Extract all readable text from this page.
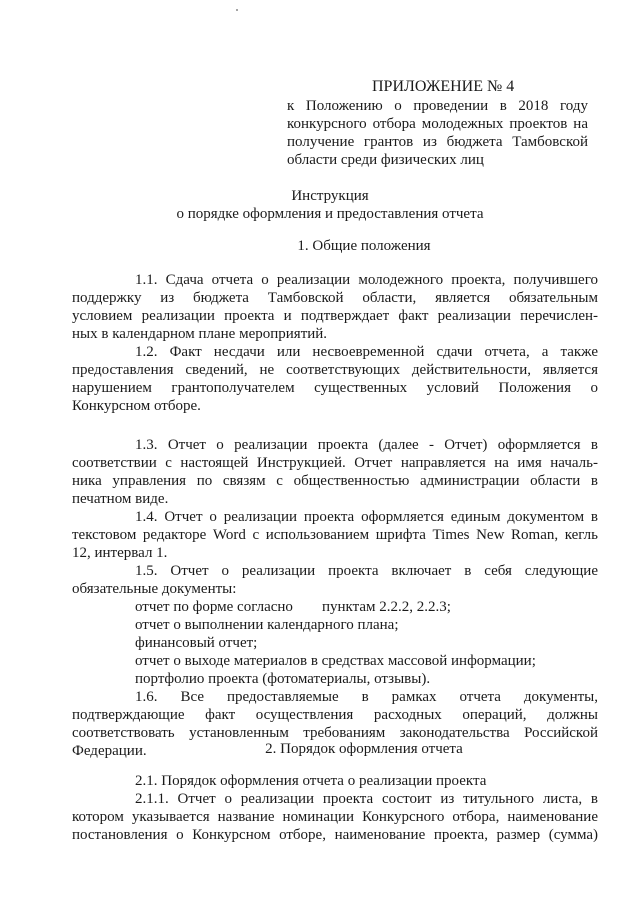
ПРИЛОЖЕНИЕ № 4
к Положению о проведении в 2018 году
конкурсного отбора молодежных проектов на
получение грантов из бюджета Тамбовской
области среди физических лиц
Инструкция
о порядке оформления и предоставления отчета
1. Общие положения
1.1. Сдача отчета о реализации молодежного проекта, получившего
поддержку из бюджета Тамбовской области, является обязательным
условием реализации проекта и подтверждает факт реализации перечислен-
ных в календарном плане мероприятий.
1.2. Факт несдачи или несвоевременной сдачи отчета, а также
предоставления сведений, не соответствующих действительности, является
нарушением грантополучателем существенных условий Положения о
Конкурсном отборе.
1.3. Отчет о реализации проекта (далее - Отчет) оформляется в
соответствии с настоящей Инструкцией. Отчет направляется на имя началь-
ника управления по связям с общественностью администрации области в
печатном виде.
1.4. Отчет о реализации проекта оформляется единым документом в
текстовом редакторе Word с использованием шрифта Times New Roman, кегль
12, интервал 1.
1.5. Отчет о реализации проекта включает в себя следующие
обязательные документы:
отчет по форме согласно пунктам 2.2.2, 2.2.3;
отчет о выполнении календарного плана;
финансовый отчет;
отчет о выходе материалов в средствах массовой информации;
портфолио проекта (фотоматериалы, отзывы).
1.6. Все предоставляемые в рамках отчета документы,
подтверждающие факт осуществления расходных операций, должны
соответствовать установленным требованиям законодательства Российской
Федерации.	2. Порядок оформления отчета
2.1. Порядок оформления отчета о реализации проекта
2.1.1. Отчет о реализации проекта состоит из титульного листа, в
котором указывается название номинации Конкурсного отбора, наименование
постановления о Конкурсном отборе, наименование проекта, размер (сумма)
